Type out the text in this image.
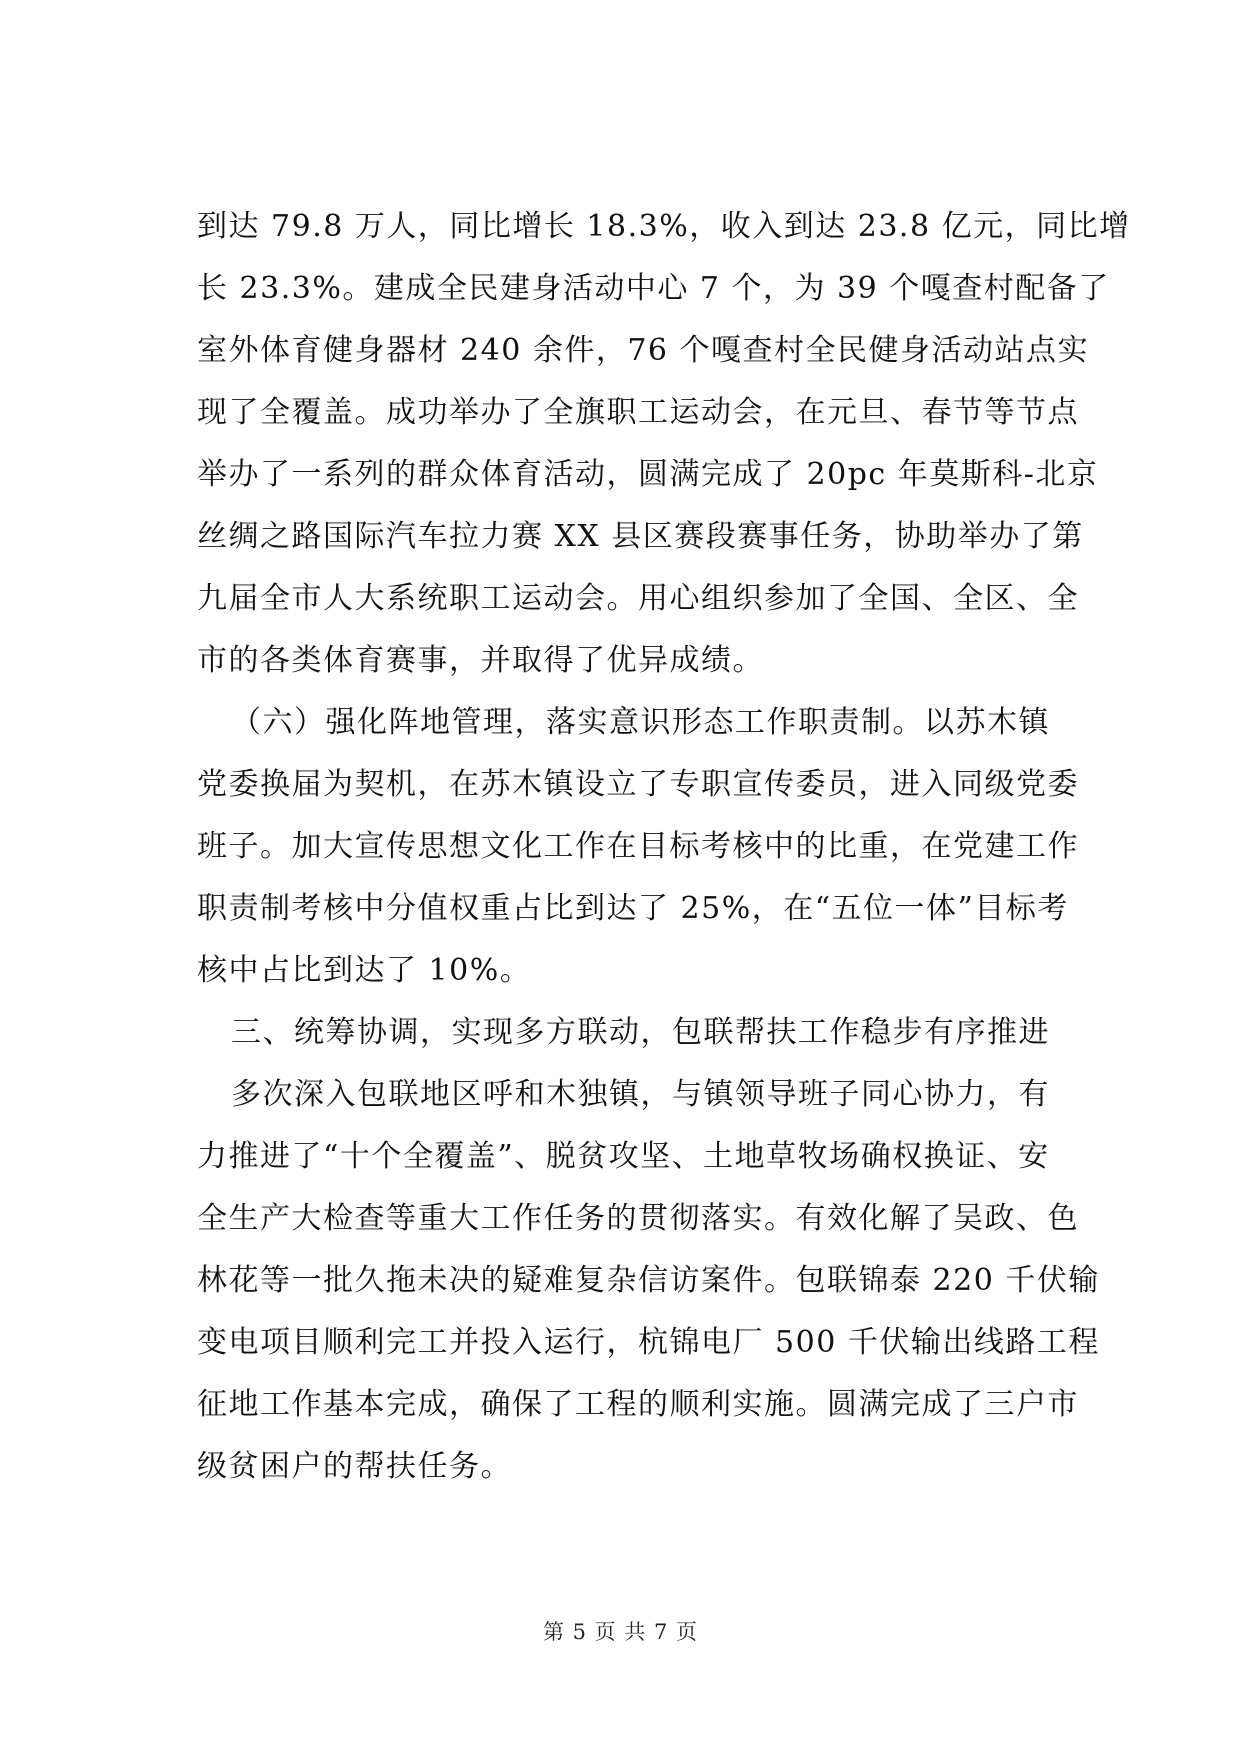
到达 79.8 万人，同比增长 18.3%，收入到达 23.8 亿元，同比增
长 23.3%。建成全民建身活动中心 7 个，为 39 个嘎查村配备了
室外体育健身器材 240 余件，76 个嘎查村全民健身活动站点实
现了全覆盖。成功举办了全旗职工运动会，在元旦、春节等节点
举办了一系列的群众体育活动，圆满完成了 20pc 年莫斯科-北京
丝绸之路国际汽车拉力赛 XX 县区赛段赛事任务，协助举办了第
九届全市人大系统职工运动会。用心组织参加了全国、全区、全
市的各类体育赛事，并取得了优异成绩。
（六）强化阵地管理，落实意识形态工作职责制。以苏木镇
党委换届为契机，在苏木镇设立了专职宣传委员，进入同级党委
班子。加大宣传思想文化工作在目标考核中的比重，在党建工作
职责制考核中分值权重占比到达了 25%，在“五位一体”目标考
核中占比到达了 10%。
三、统筹协调，实现多方联动，包联帮扶工作稳步有序推进
多次深入包联地区呼和木独镇，与镇领导班子同心协力，有
力推进了“十个全覆盖”、脱贫攻坚、土地草牧场确权换证、安
全生产大检查等重大工作任务的贯彻落实。有效化解了吴政、色
林花等一批久拖未决的疑难复杂信访案件。包联锦泰 220 千伏输
变电项目顺利完工并投入运行，杭锦电厂 500 千伏输出线路工程
征地工作基本完成，确保了工程的顺利实施。圆满完成了三户市
级贫困户的帮扶任务。
第 5 页 共 7 页
